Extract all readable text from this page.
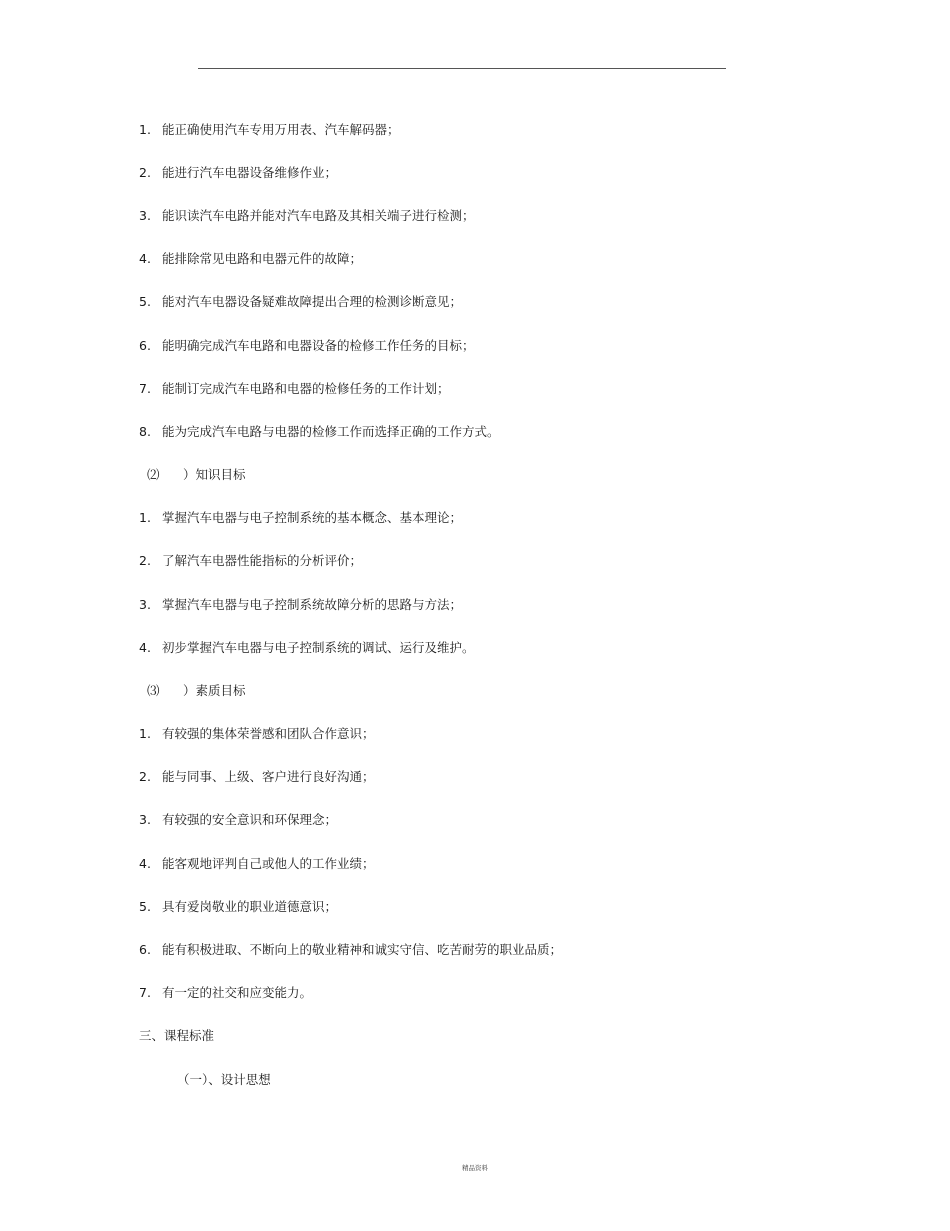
1. 能正确使用汽车专用万用表、汽车解码器；
2. 能进行汽车电器设备维修作业；
3. 能识读汽车电路并能对汽车电路及其相关端子进行检测；
4. 能排除常见电路和电器元件的故障；
5. 能对汽车电器设备疑难故障提出合理的检测诊断意见；
6. 能明确完成汽车电路和电器设备的检修工作任务的目标；
7. 能制订完成汽车电路和电器的检修任务的工作计划；
8. 能为完成汽车电路与电器的检修工作而选择正确的工作方式。
⑵ ）知识目标
1. 掌握汽车电器与电子控制系统的基本概念、基本理论；
2. 了解汽车电器性能指标的分析评价；
3. 掌握汽车电器与电子控制系统故障分析的思路与方法；
4. 初步掌握汽车电器与电子控制系统的调试、运行及维护。
⑶ ）素质目标
1. 有较强的集体荣誉感和团队合作意识；
2. 能与同事、上级、客户进行良好沟通；
3. 有较强的安全意识和环保理念；
4. 能客观地评判自己或他人的工作业绩；
5. 具有爱岗敬业的职业道德意识；
6. 能有积极进取、不断向上的敬业精神和诚实守信、吃苦耐劳的职业品质；
7. 有一定的社交和应变能力。
三、课程标准
（一）、设计思想
精品资料
